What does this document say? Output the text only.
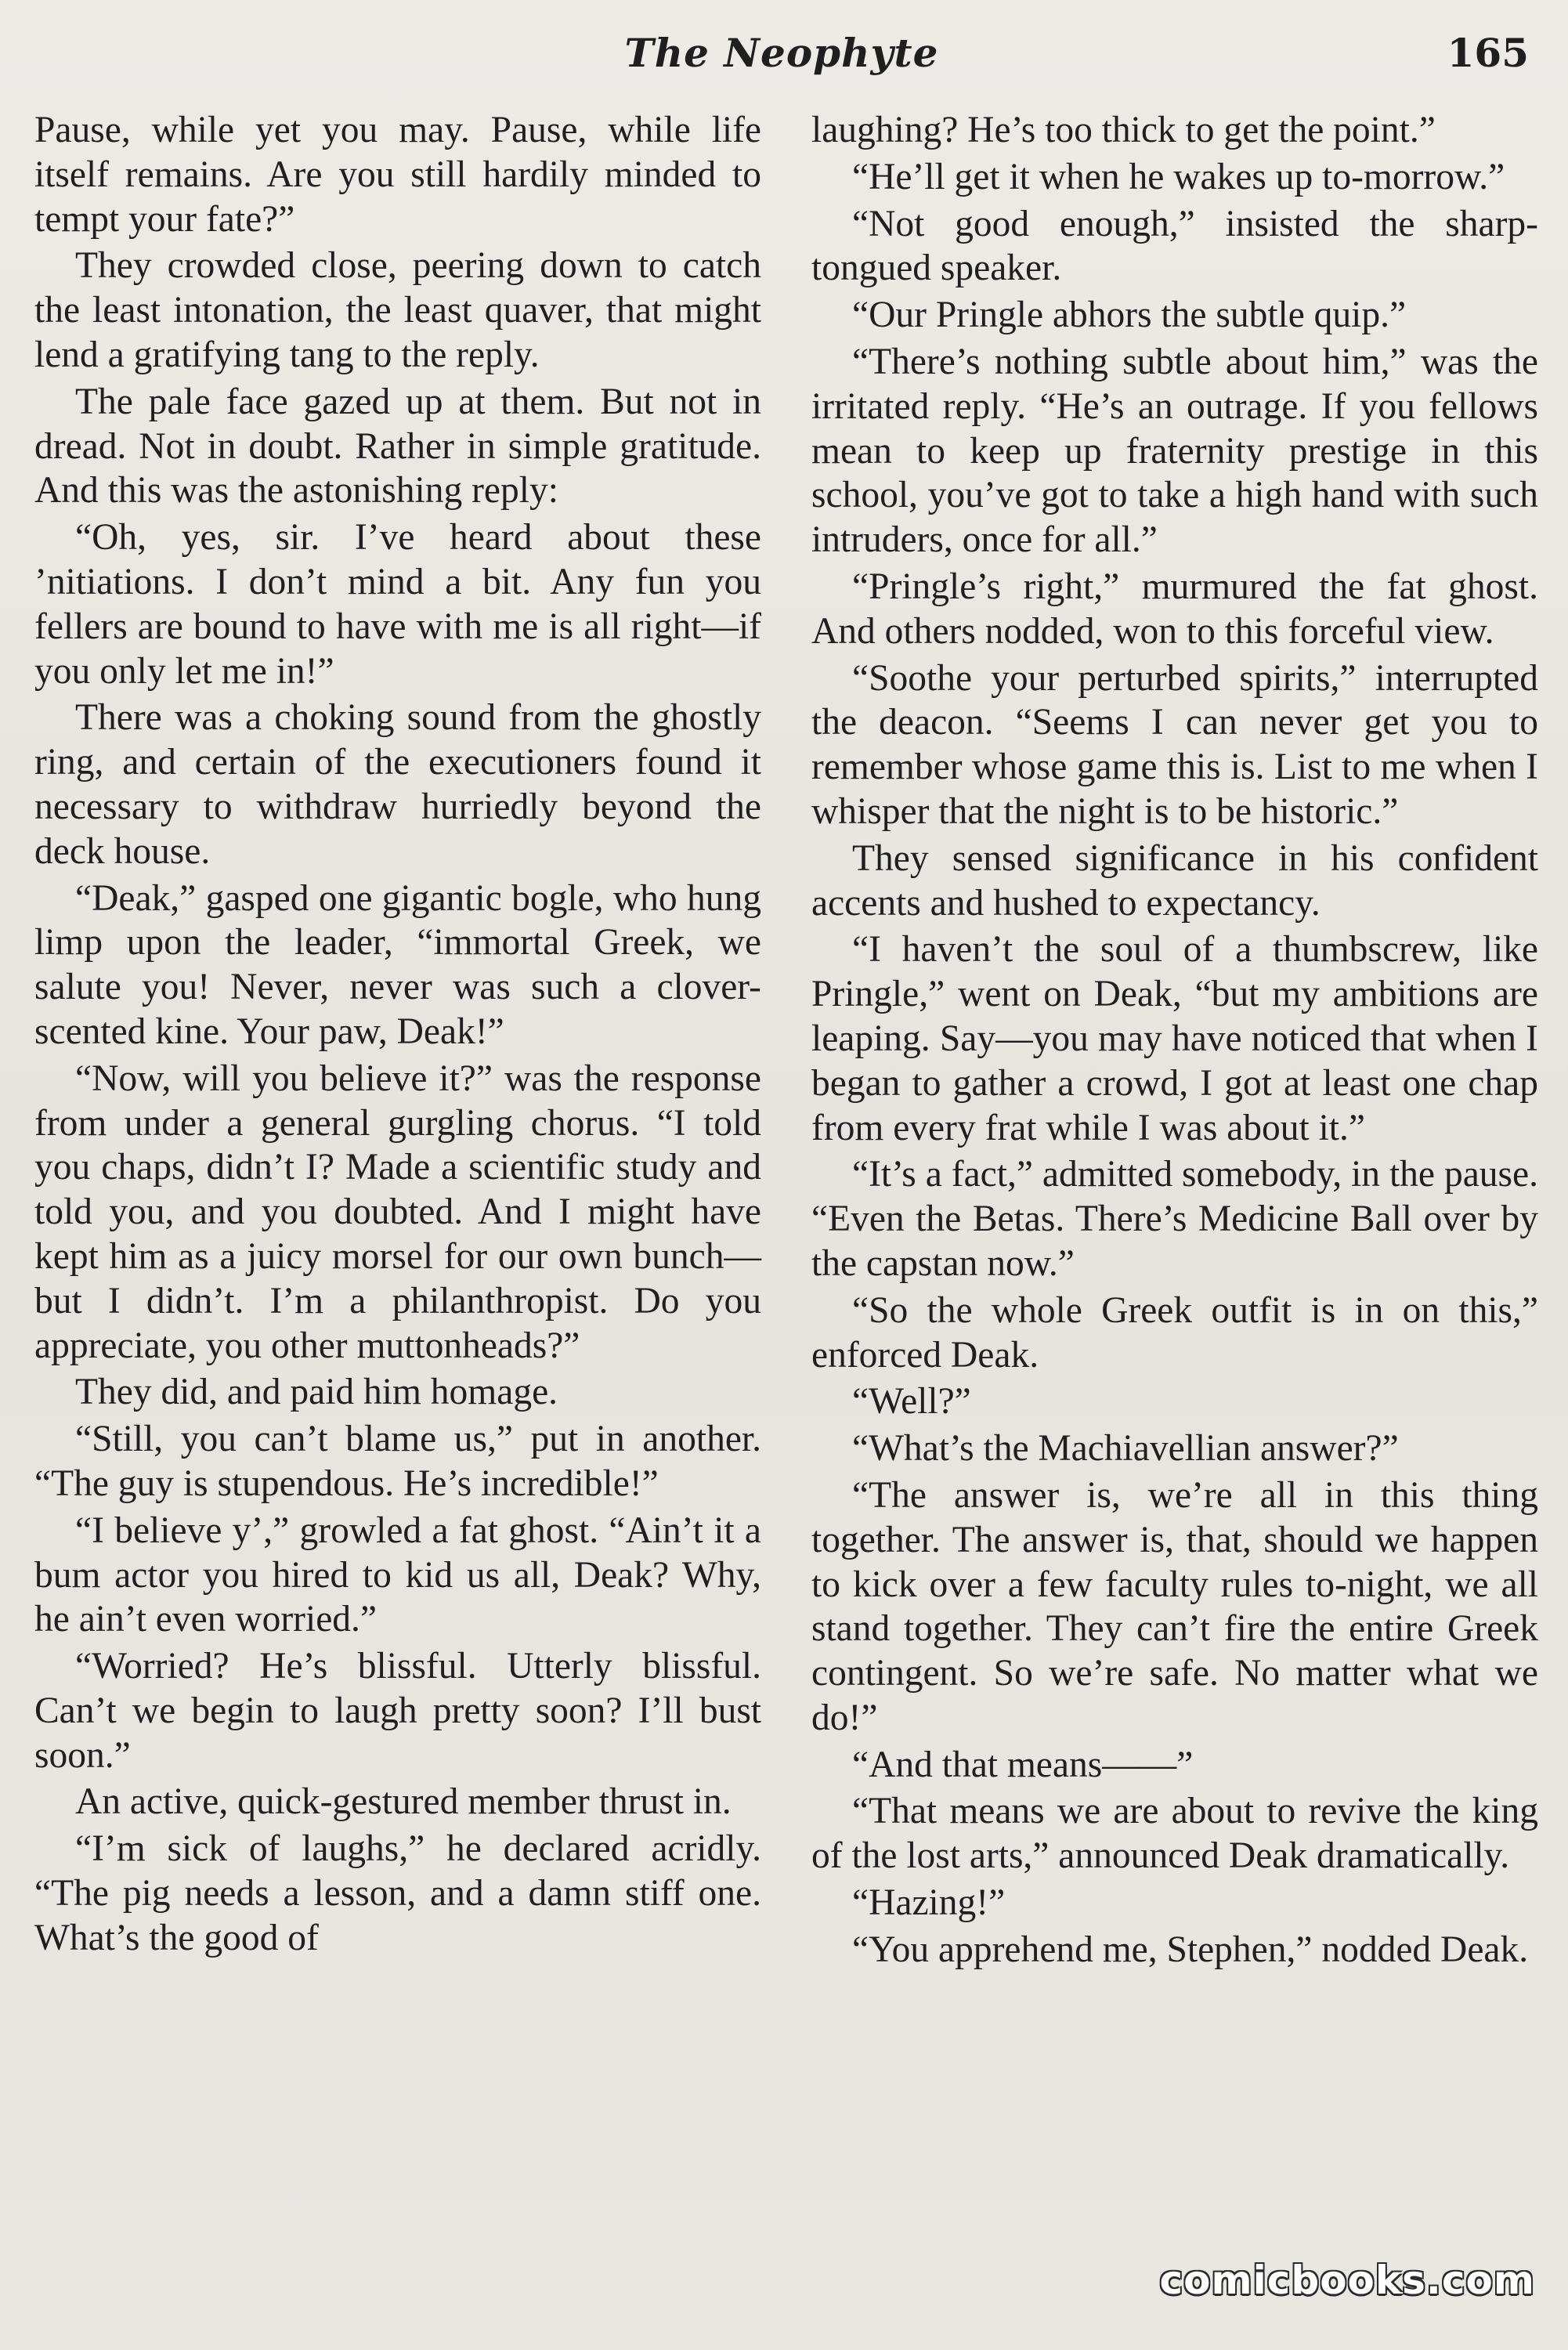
The Neophyte	165

Pause, while yet you may. Pause, while life itself remains. Are you still hardily minded to tempt your fate?”

They crowded close, peering down to catch the least intonation, the least quaver, that might lend a gratifying tang to the reply.

The pale face gazed up at them. But not in dread. Not in doubt. Rather in simple gratitude. And this was the astonishing reply:

“Oh, yes, sir. I’ve heard about these ’nitiations. I don’t mind a bit. Any fun you fellers are bound to have with me is all right—if you only let me in!”

There was a choking sound from the ghostly ring, and certain of the executioners found it necessary to withdraw hurriedly beyond the deck house.

“Deak,” gasped one gigantic bogle, who hung limp upon the leader, “immortal Greek, we salute you! Never, never was such a clover-scented kine. Your paw, Deak!”

“Now, will you believe it?” was the response from under a general gurgling chorus. “I told you chaps, didn’t I? Made a scientific study and told you, and you doubted. And I might have kept him as a juicy morsel for our own bunch—but I didn’t. I’m a philanthropist. Do you appreciate, you other muttonheads?”

They did, and paid him homage.

“Still, you can’t blame us,” put in another. “The guy is stupendous. He’s incredible!”

“I believe y’,” growled a fat ghost. “Ain’t it a bum actor you hired to kid us all, Deak? Why, he ain’t even worried.”

“Worried? He’s blissful. Utterly blissful. Can’t we begin to laugh pretty soon? I’ll bust soon.”

An active, quick-gestured member thrust in.

“I’m sick of laughs,” he declared acridly. “The pig needs a lesson, and a damn stiff one. What’s the good of

laughing? He’s too thick to get the point.”

“He’ll get it when he wakes up to-morrow.”

“Not good enough,” insisted the sharp-tongued speaker.

“Our Pringle abhors the subtle quip.”

“There’s nothing subtle about him,” was the irritated reply. “He’s an outrage. If you fellows mean to keep up fraternity prestige in this school, you’ve got to take a high hand with such intruders, once for all.”

“Pringle’s right,” murmured the fat ghost. And others nodded, won to this forceful view.

“Soothe your perturbed spirits,” interrupted the deacon. “Seems I can never get you to remember whose game this is. List to me when I whisper that the night is to be historic.”

They sensed significance in his confident accents and hushed to expectancy.

“I haven’t the soul of a thumbscrew, like Pringle,” went on Deak, “but my ambitions are leaping. Say—you may have noticed that when I began to gather a crowd, I got at least one chap from every frat while I was about it.”

“It’s a fact,” admitted somebody, in the pause. “Even the Betas. There’s Medicine Ball over by the capstan now.”

“So the whole Greek outfit is in on this,” enforced Deak.

“Well?”

“What’s the Machiavellian answer?”

“The answer is, we’re all in this thing together. The answer is, that, should we happen to kick over a few faculty rules to-night, we all stand together. They can’t fire the entire Greek contingent. So we’re safe. No matter what we do!”

“And that means——”

“That means we are about to revive the king of the lost arts,” announced Deak dramatically.

“Hazing!”

“You apprehend me, Stephen,” nodded Deak.

comicbooks.com
